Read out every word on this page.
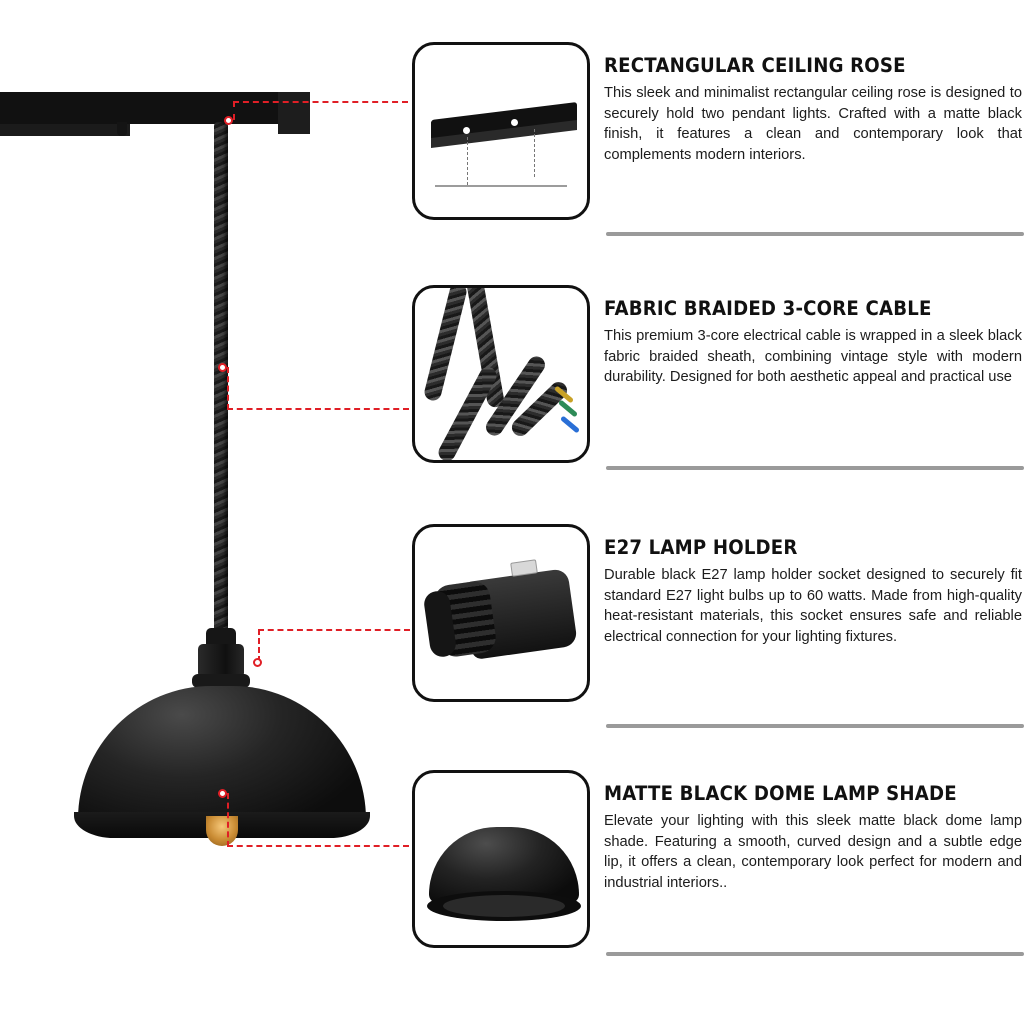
RECTANGULAR CEILING ROSE

This sleek and minimalist rectangular ceiling rose is designed to securely hold two pendant lights. Crafted with a matte black finish, it features a clean and contemporary look that complements modern interiors.

FABRIC BRAIDED 3-CORE CABLE

This premium 3-core electrical cable is wrapped in a sleek black fabric braided sheath, combining vintage style with modern durability. Designed for both aesthetic appeal and practical use

E27 LAMP HOLDER

Durable black E27 lamp holder socket designed to securely fit standard E27 light bulbs up to 60 watts. Made from high-quality heat-resistant materials, this socket ensures safe and reliable electrical connection for your lighting fixtures.

MATTE BLACK DOME LAMP SHADE

Elevate your lighting with this sleek matte black dome lamp shade. Featuring a smooth, curved design and a subtle edge lip, it offers a clean, contemporary look perfect for modern and industrial interiors..
